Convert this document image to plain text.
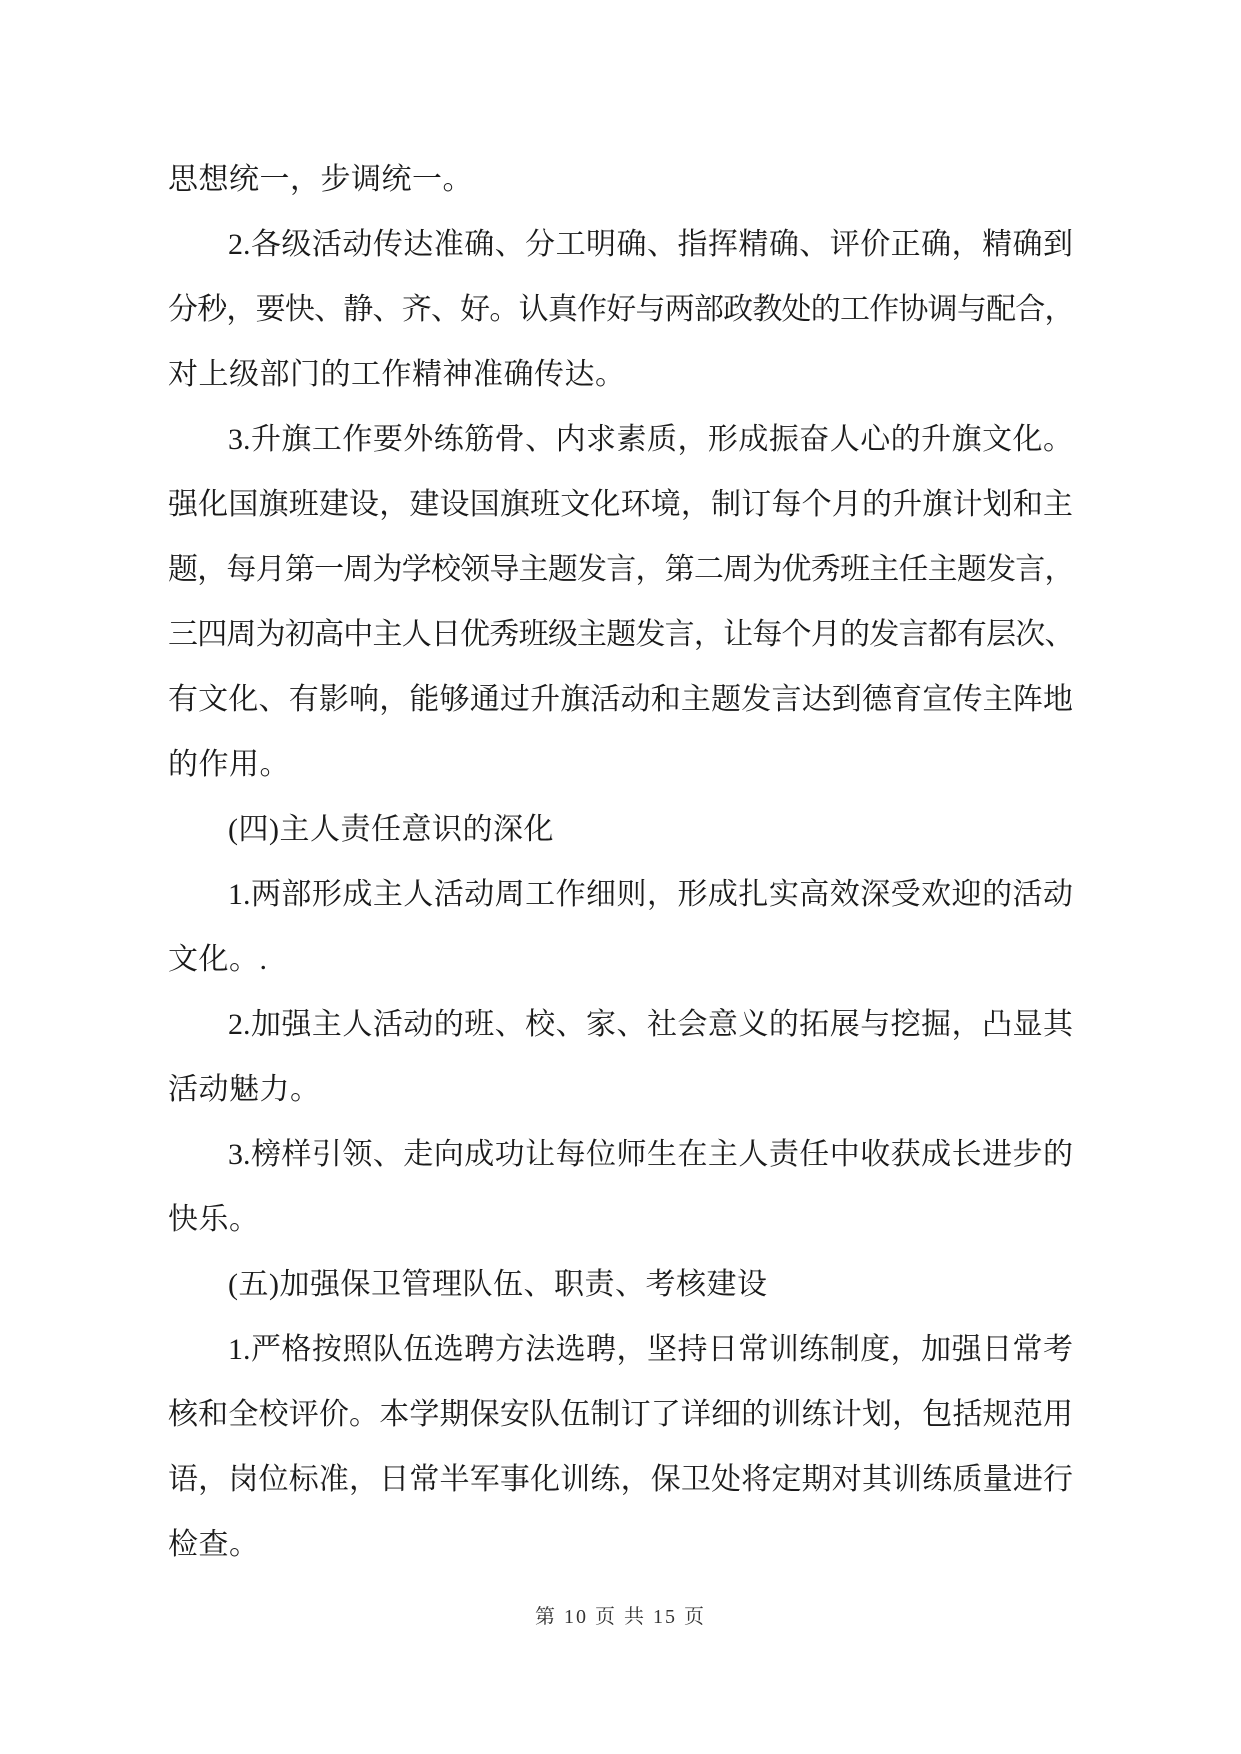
思想统一，步调统一。
2.各级活动传达准确、分工明确、指挥精确、评价正确，精确到
分秒，要快、静、齐、好。认真作好与两部政教处的工作协调与配合，
对上级部门的工作精神准确传达。
3.升旗工作要外练筋骨、内求素质，形成振奋人心的升旗文化。
强化国旗班建设，建设国旗班文化环境，制订每个月的升旗计划和主
题，每月第一周为学校领导主题发言，第二周为优秀班主任主题发言，
三四周为初高中主人日优秀班级主题发言，让每个月的发言都有层次、
有文化、有影响，能够通过升旗活动和主题发言达到德育宣传主阵地
的作用。
(四)主人责任意识的深化
1.两部形成主人活动周工作细则，形成扎实高效深受欢迎的活动
文化。.
2.加强主人活动的班、校、家、社会意义的拓展与挖掘，凸显其
活动魅力。
3.榜样引领、走向成功让每位师生在主人责任中收获成长进步的
快乐。
(五)加强保卫管理队伍、职责、考核建设
1.严格按照队伍选聘方法选聘，坚持日常训练制度，加强日常考
核和全校评价。本学期保安队伍制订了详细的训练计划，包括规范用
语，岗位标准，日常半军事化训练，保卫处将定期对其训练质量进行
检查。
第 10 页 共 15 页
